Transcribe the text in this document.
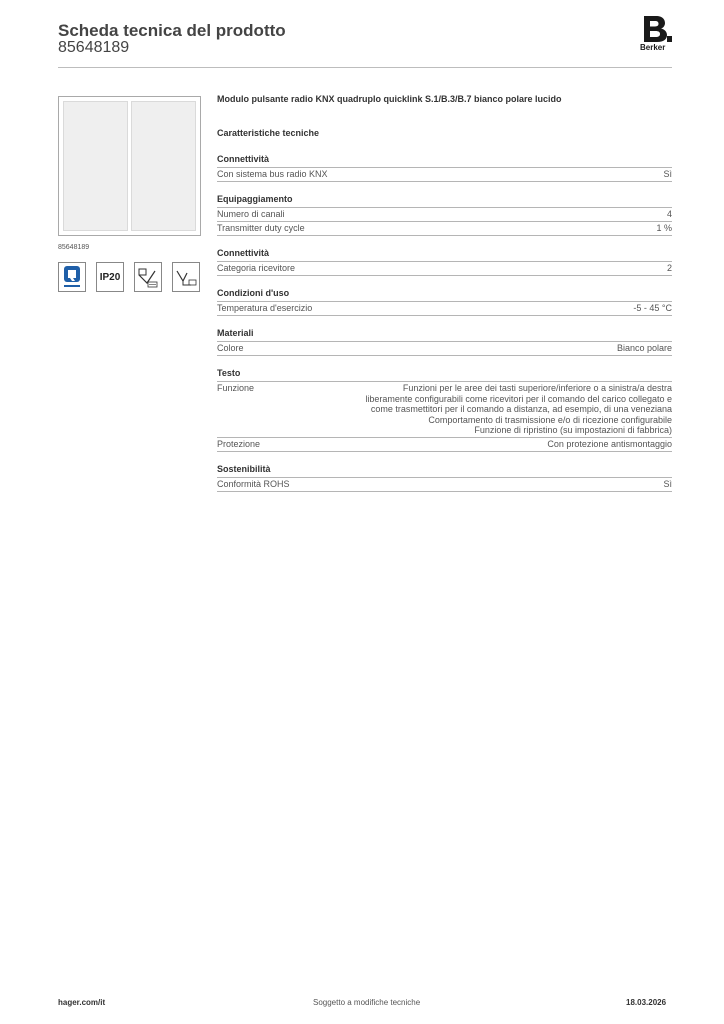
Scheda tecnica del prodotto
85648189	Berker
85648189
IP20
Modulo pulsante radio KNX quadruplo quicklink S.1/B.3/B.7 bianco polare lucido
Caratteristiche tecniche
Connettività
Con sistema bus radio KNX	Sì
Equipaggiamento
Numero di canali	4
Transmitter duty cycle	1 %
Connettività
Categoria ricevitore	2
Condizioni d'uso
Temperatura d'esercizio	-5 - 45 °C
Materiali
Colore	Bianco polare
Testo
Funzione	Funzioni per le aree dei tasti superiore/inferiore o a sinistra/a destra
liberamente configurabili come ricevitori per il comando del carico collegato e
come trasmettitori per il comando a distanza, ad esempio, di una veneziana
Comportamento di trasmissione e/o di ricezione configurabile
Funzione di ripristino (su impostazioni di fabbrica)
Protezione	Con protezione antismontaggio
Sostenibilità
Conformità ROHS	Sì
hager.com/it	Soggetto a modifiche tecniche	18.03.2026
